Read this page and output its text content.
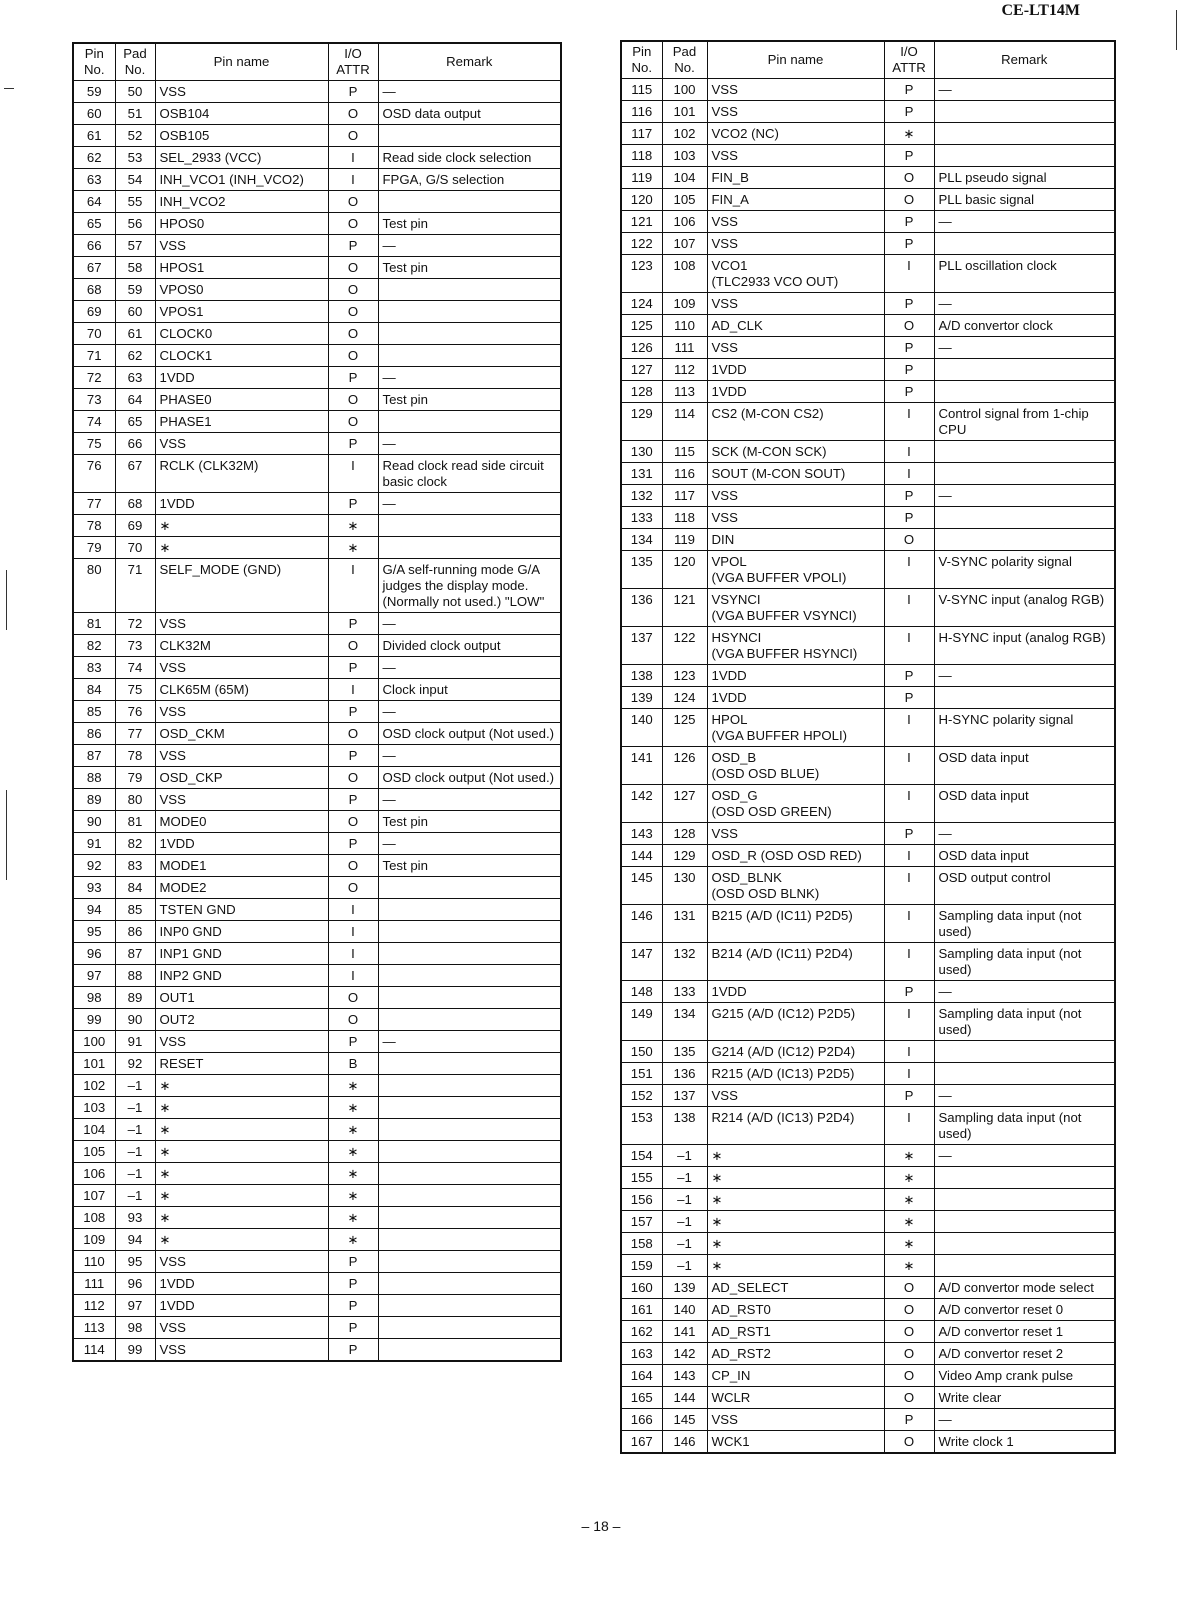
CE-LT14M
Pin
No.	Pad
No.	Pin name	I/O
ATTR	Remark
59	50	VSS	P	—
60	51	OSB104	O	OSD data output
61	52	OSB105	O	
62	53	SEL_2933 (VCC)	I	Read side clock selection
63	54	INH_VCO1 (INH_VCO2)	I	FPGA, G/S selection
64	55	INH_VCO2	O	
65	56	HPOS0	O	Test pin
66	57	VSS	P	—
67	58	HPOS1	O	Test pin
68	59	VPOS0	O	
69	60	VPOS1	O	
70	61	CLOCK0	O	
71	62	CLOCK1	O	
72	63	1VDD	P	—
73	64	PHASE0	O	Test pin
74	65	PHASE1	O	
75	66	VSS	P	—
76	67	RCLK (CLK32M)	I	Read clock read side circuit basic clock
77	68	1VDD	P	—
78	69	∗	∗	
79	70	∗	∗	
80	71	SELF_MODE (GND)	I	G/A self-running mode G/A judges the display mode. (Normally not used.) "LOW"
81	72	VSS	P	—
82	73	CLK32M	O	Divided clock output
83	74	VSS	P	—
84	75	CLK65M (65M)	I	Clock input
85	76	VSS	P	—
86	77	OSD_CKM	O	OSD clock output (Not used.)
87	78	VSS	P	—
88	79	OSD_CKP	O	OSD clock output (Not used.)
89	80	VSS	P	—
90	81	MODE0	O	Test pin
91	82	1VDD	P	—
92	83	MODE1	O	Test pin
93	84	MODE2	O	
94	85	TSTEN GND	I	
95	86	INP0 GND	I	
96	87	INP1 GND	I	
97	88	INP2 GND	I	
98	89	OUT1	O	
99	90	OUT2	O	
100	91	VSS	P	—
101	92	RESET	B	
102	–1	∗	∗	
103	–1	∗	∗	
104	–1	∗	∗	
105	–1	∗	∗	
106	–1	∗	∗	
107	–1	∗	∗	
108	93	∗	∗	
109	94	∗	∗	
110	95	VSS	P	
111	96	1VDD	P	
112	97	1VDD	P	
113	98	VSS	P	
114	99	VSS	P	
Pin
No.	Pad
No.	Pin name	I/O
ATTR	Remark
115	100	VSS	P	—
116	101	VSS	P	
117	102	VCO2 (NC)	∗	
118	103	VSS	P	
119	104	FIN_B	O	PLL pseudo signal
120	105	FIN_A	O	PLL basic signal
121	106	VSS	P	—
122	107	VSS	P	
123	108	VCO1
(TLC2933 VCO OUT)	I	PLL oscillation clock
124	109	VSS	P	—
125	110	AD_CLK	O	A/D convertor clock
126	111	VSS	P	—
127	112	1VDD	P	
128	113	1VDD	P	
129	114	CS2 (M-CON CS2)	I	Control signal from 1-chip CPU
130	115	SCK (M-CON SCK)	I	
131	116	SOUT (M-CON SOUT)	I	
132	117	VSS	P	—
133	118	VSS	P	
134	119	DIN	O	
135	120	VPOL
(VGA BUFFER VPOLI)	I	V-SYNC polarity signal
136	121	VSYNCI
(VGA BUFFER VSYNCI)	I	V-SYNC input (analog RGB)
137	122	HSYNCI
(VGA BUFFER HSYNCI)	I	H-SYNC input (analog RGB)
138	123	1VDD	P	—
139	124	1VDD	P	
140	125	HPOL
(VGA BUFFER HPOLI)	I	H-SYNC polarity signal
141	126	OSD_B
(OSD OSD BLUE)	I	OSD data input
142	127	OSD_G
(OSD OSD GREEN)	I	OSD data input
143	128	VSS	P	—
144	129	OSD_R (OSD OSD RED)	I	OSD data input
145	130	OSD_BLNK
(OSD OSD BLNK)	I	OSD output control
146	131	B215 (A/D (IC11) P2D5)	I	Sampling data input (not used)
147	132	B214 (A/D (IC11) P2D4)	I	Sampling data input (not used)
148	133	1VDD	P	—
149	134	G215 (A/D (IC12) P2D5)	I	Sampling data input (not used)
150	135	G214 (A/D (IC12) P2D4)	I	
151	136	R215 (A/D (IC13) P2D5)	I	
152	137	VSS	P	—
153	138	R214 (A/D (IC13) P2D4)	I	Sampling data input (not used)
154	–1	∗	∗	—
155	–1	∗	∗	
156	–1	∗	∗	
157	–1	∗	∗	
158	–1	∗	∗	
159	–1	∗	∗	
160	139	AD_SELECT	O	A/D convertor mode select
161	140	AD_RST0	O	A/D convertor reset 0
162	141	AD_RST1	O	A/D convertor reset 1
163	142	AD_RST2	O	A/D convertor reset 2
164	143	CP_IN	O	Video Amp crank pulse
165	144	WCLR	O	Write clear
166	145	VSS	P	—
167	146	WCK1	O	Write clock 1
– 18 –
